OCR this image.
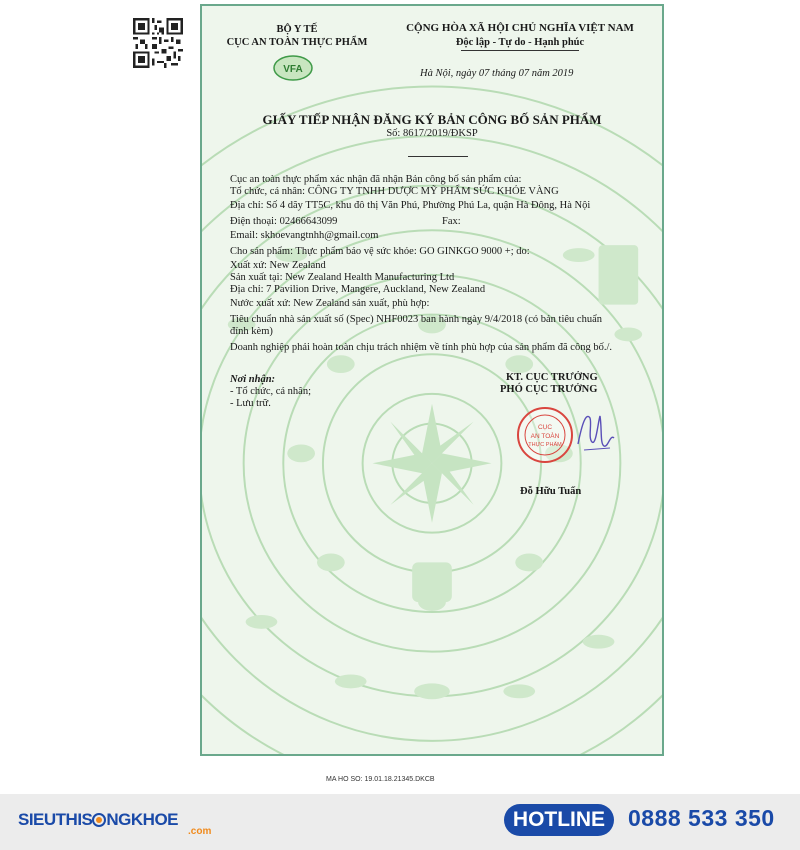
BỘ Y TẾ
CỤC AN TOÀN THỰC PHẨM
VFA
CỘNG HÒA XÃ HỘI CHỦ NGHĨA VIỆT NAM
Độc lập - Tự do - Hạnh phúc
Hà Nội, ngày 07 tháng 07 năm 2019
GIẤY TIẾP NHẬN ĐĂNG KÝ BẢN CÔNG BỐ SẢN PHẨM
Số: 8617/2019/ĐKSP
Cục an toàn thực phẩm xác nhận đã nhận Bản công bố sản phẩm của:
Tổ chức, cá nhân: CÔNG TY TNHH DƯỢC MỸ PHẨM SỨC KHỎE VÀNG
Địa chỉ: Số 4 dãy TT5C, khu đô thị Văn Phú, Phường Phú La, quận Hà Đông, Hà Nội
Điện thoại: 02466643099	Fax:
Email: skhoevangtnhh@gmail.com
Cho sản phẩm: Thực phẩm bảo vệ sức khỏe: GO GINKGO 9000 +; do:
Xuất xứ: New Zealand
Sản xuất tại: New Zealand Health Manufacturing Ltd
Địa chỉ: 7 Pavilion Drive, Mangere, Auckland, New Zealand
Nước xuất xứ: New Zealand sản xuất, phù hợp:
Tiêu chuẩn nhà sản xuất số (Spec) NHF0023 ban hành ngày 9/4/2018 (có bản tiêu chuẩn
đính kèm)
Doanh nghiệp phải hoàn toàn chịu trách nhiệm về tính phù hợp của sản phẩm đã công bố./.
Nơi nhận:
- Tổ chức, cá nhân;
- Lưu trữ.
KT. CỤC TRƯỞNG
PHÓ CỤC TRƯỞNG
CỤC
AN TOÀN
THỰC PHẨM
Đỗ Hữu Tuấn
MA HO SO: 19.01.18.21345.DKCB
SIEUTHIS NGKHOE
.com
HOTLINE 0888 533 350
